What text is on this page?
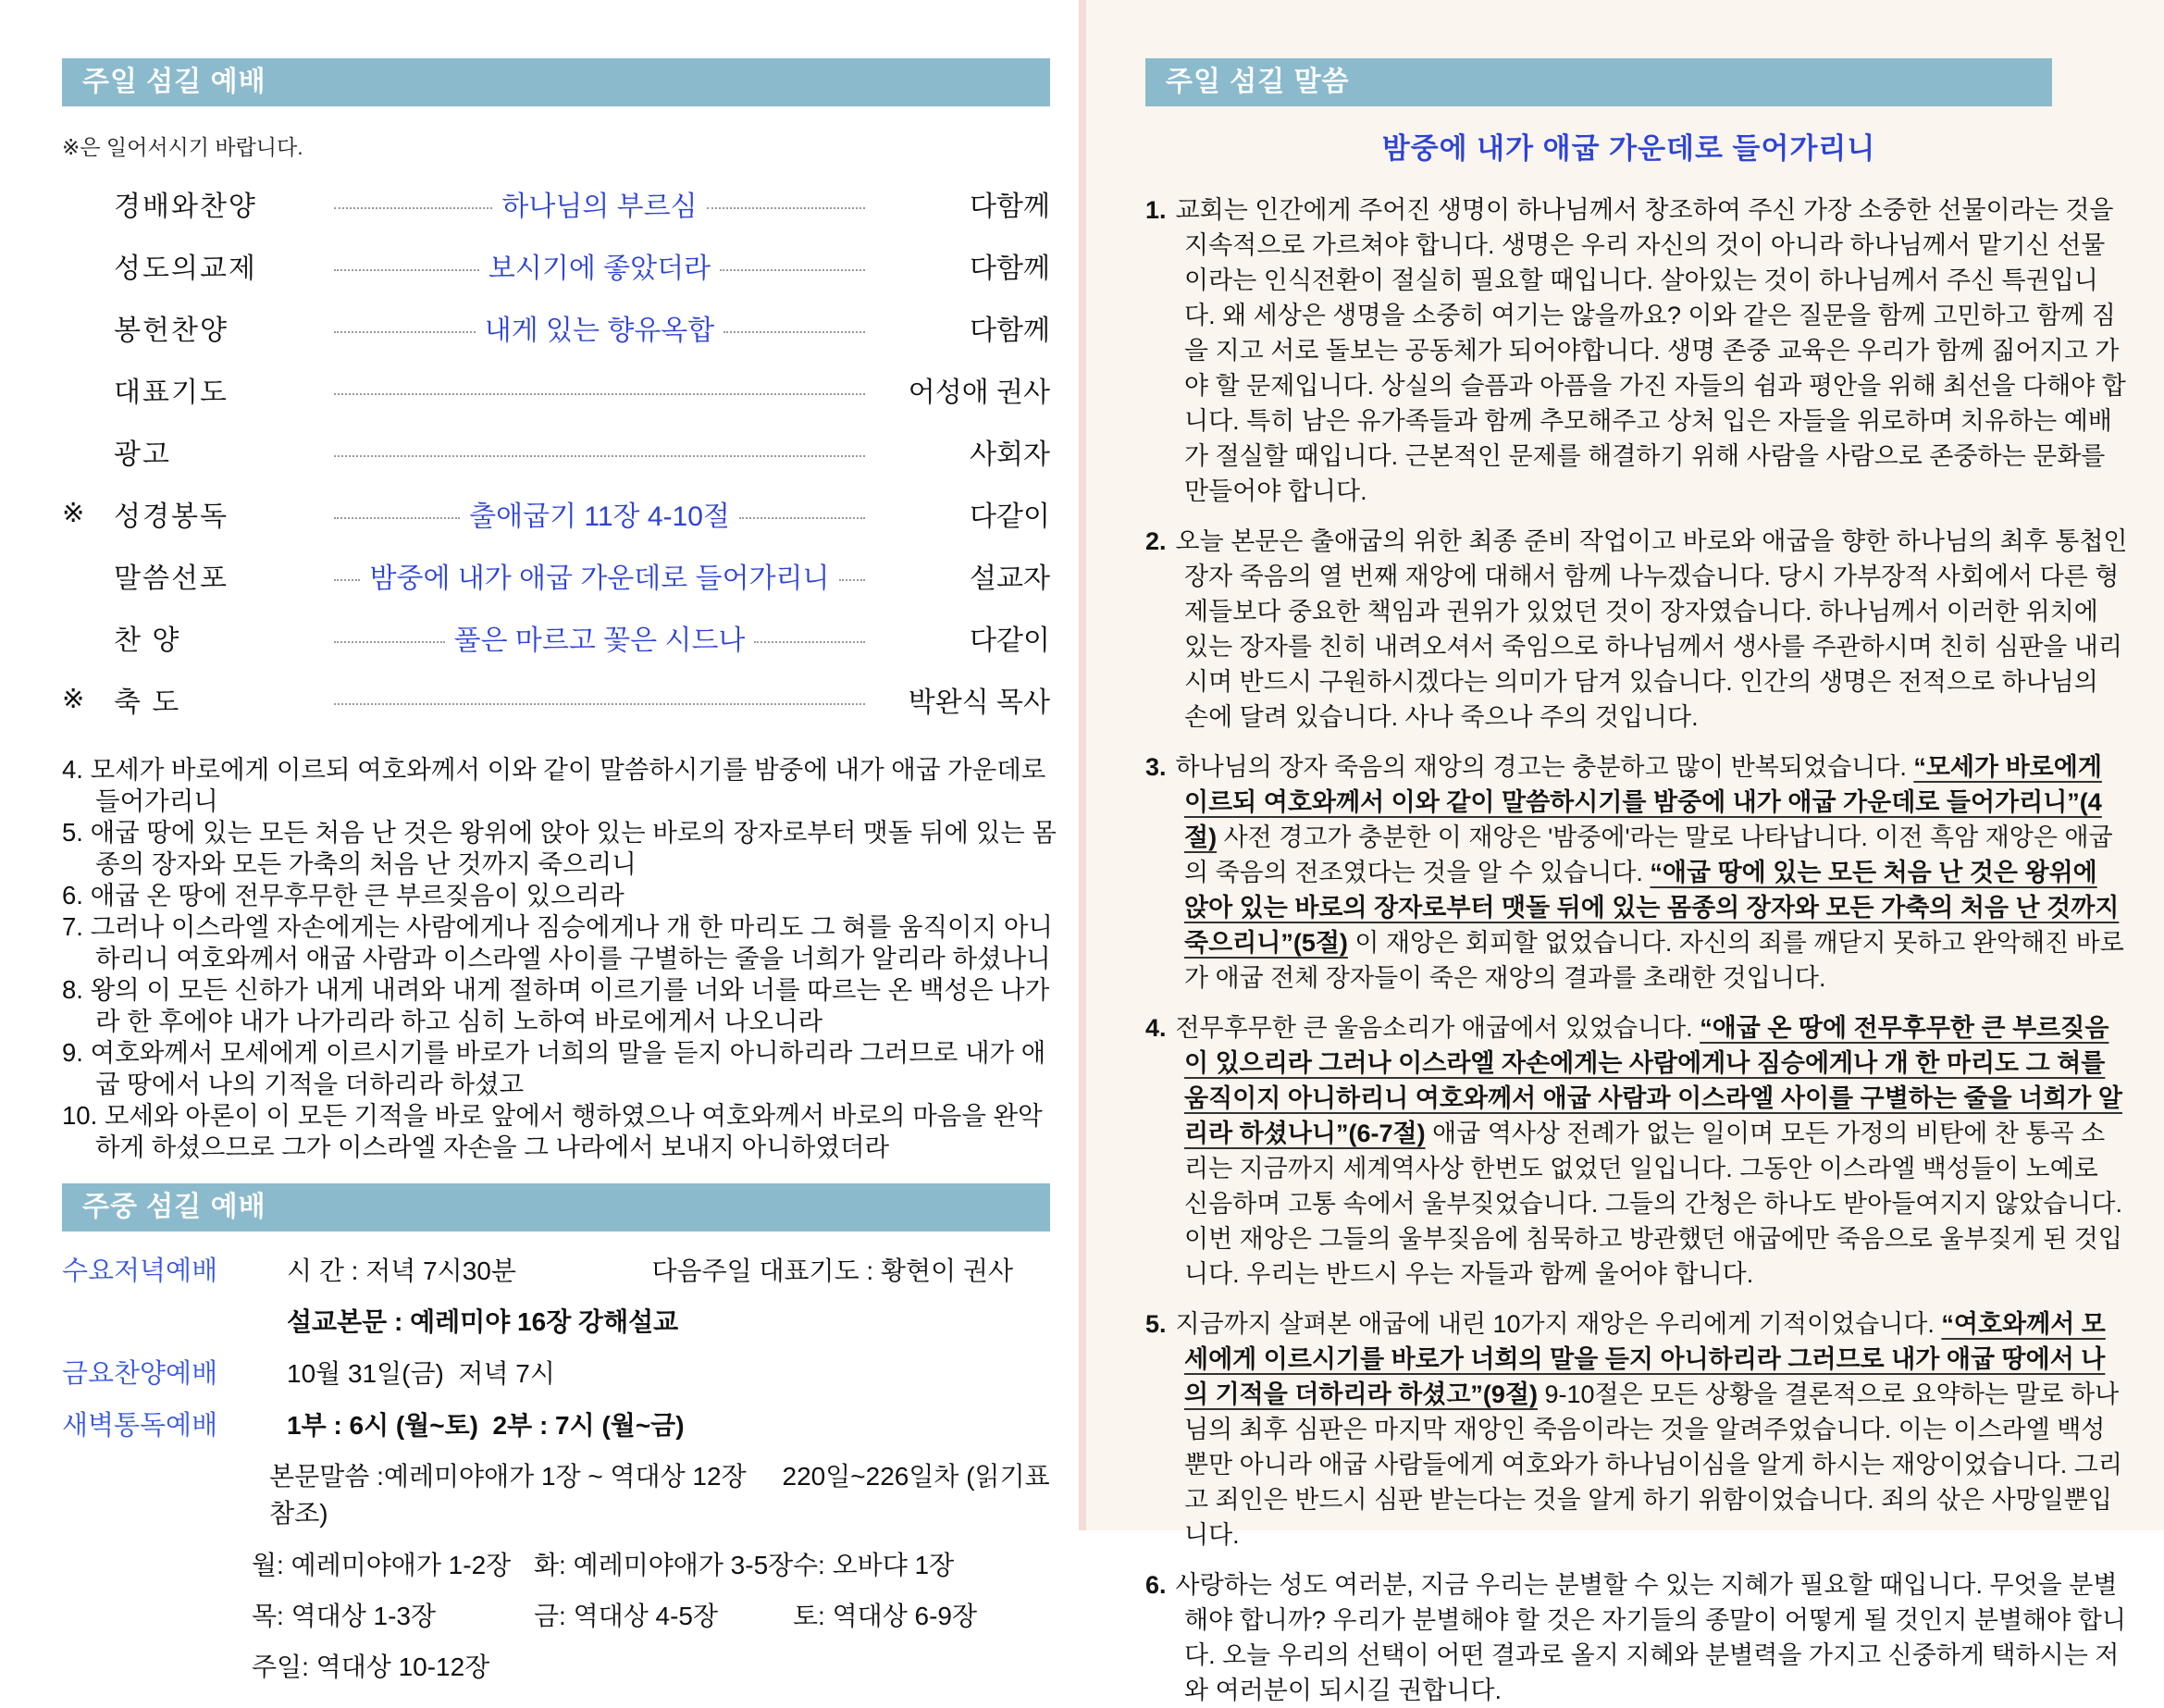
주일 섬길 예배
※은 일어서시기 바랍니다.
경배와찬양	하나님의 부르심	다함께
성도의교제	보시기에 좋았더라	다함께
봉헌찬양	내게 있는 향유옥합	다함께
대표기도	어성애 권사
광고	사회자
※	성경봉독	출애굽기 11장 4-10절	다같이
말씀선포	밤중에 내가 애굽 가운데로 들어가리니	설교자
찬 양	풀은 마르고 꽃은 시드나	다같이
※	축 도	박완식 목사
4. 모세가 바로에게 이르되 여호와께서 이와 같이 말씀하시기를 밤중에 내가 애굽 가운데로 들어가리니
5. 애굽 땅에 있는 모든 처음 난 것은 왕위에 앉아 있는 바로의 장자로부터 맷돌 뒤에 있는 몸종의 장자와 모든 가축의 처음 난 것까지 죽으리니
6. 애굽 온 땅에 전무후무한 큰 부르짖음이 있으리라
7. 그러나 이스라엘 자손에게는 사람에게나 짐승에게나 개 한 마리도 그 혀를 움직이지 아니하리니 여호와께서 애굽 사람과 이스라엘 사이를 구별하는 줄을 너희가 알리라 하셨나니
8. 왕의 이 모든 신하가 내게 내려와 내게 절하며 이르기를 너와 너를 따르는 온 백성은 나가라 한 후에야 내가 나가리라 하고 심히 노하여 바로에게서 나오니라
9. 여호와께서 모세에게 이르시기를 바로가 너희의 말을 듣지 아니하리라 그러므로 내가 애굽 땅에서 나의 기적을 더하리라 하셨고
10. 모세와 아론이 이 모든 기적을 바로 앞에서 행하였으나 여호와께서 바로의 마음을 완악하게 하셨으므로 그가 이스라엘 자손을 그 나라에서 보내지 아니하였더라
주중 섬길 예배
수요저녁예배	시 간 : 저녁 7시30분	다음주일 대표기도 : 황현이 권사
설교본문 : 예레미야 16장 강해설교
금요찬양예배	10월 31일(금)  저녁 7시
새벽통독예배	1부 : 6시 (월~토)  2부 : 7시 (월~금)
본문말씀 :예레미야애가 1장 ~ 역대상 12장     220일~226일차 (읽기표 참조)
월: 예레미야애가 1-2장 화: 예레미야애가 3-5장 수: 오바댜 1장
목: 역대상 1-3장	금: 역대상 4-5장	토: 역대상 6-9장
주일: 역대상 10-12장
주일 섬길 말씀
밤중에 내가 애굽 가운데로 들어가리니

1. 교회는 인간에게 주어진 생명이 하나님께서 창조하여 주신 가장 소중한 선물이라는 것을 지속적으로 가르쳐야 합니다. 생명은 우리 자신의 것이 아니라 하나님께서 맡기신 선물이라는 인식전환이 절실히 필요할 때입니다. 살아있는 것이 하나님께서 주신 특권입니다. 왜 세상은 생명을 소중히 여기는 않을까요? 이와 같은 질문을 함께 고민하고 함께 짐을 지고 서로 돌보는 공동체가 되어야합니다. 생명 존중 교육은 우리가 함께 짊어지고 가야 할 문제입니다. 상실의 슬픔과 아픔을 가진 자들의 쉼과 평안을 위해 최선을 다해야 합니다. 특히 남은 유가족들과 함께 추모해주고 상처 입은 자들을 위로하며 치유하는 예배가 절실할 때입니다. 근본적인 문제를 해결하기 위해 사람을 사람으로 존중하는 문화를 만들어야 합니다.

2. 오늘 본문은 출애굽의 위한 최종 준비 작업이고 바로와 애굽을 향한 하나님의 최후 통첩인 장자 죽음의 열 번째 재앙에 대해서 함께 나누겠습니다. 당시 가부장적 사회에서 다른 형제들보다 중요한 책임과 권위가 있었던 것이 장자였습니다. 하나님께서 이러한 위치에 있는 장자를 친히 내려오셔서 죽임으로 하나님께서 생사를 주관하시며 친히 심판을 내리시며 반드시 구원하시겠다는 의미가 담겨 있습니다. 인간의 생명은 전적으로 하나님의 손에 달려 있습니다. 사나 죽으나 주의 것입니다.

3. 하나님의 장자 죽음의 재앙의 경고는 충분하고 많이 반복되었습니다. “모세가 바로에게 이르되 여호와께서 이와 같이 말씀하시기를 밤중에 내가 애굽 가운데로 들어가리니”(4절) 사전 경고가 충분한 이 재앙은 '밤중에'라는 말로 나타납니다. 이전 흑암 재앙은 애굽의 죽음의 전조였다는 것을 알 수 있습니다. “애굽 땅에 있는 모든 처음 난 것은 왕위에 앉아 있는 바로의 장자로부터 맷돌 뒤에 있는 몸종의 장자와 모든 가축의 처음 난 것까지 죽으리니”(5절) 이 재앙은 회피할 없었습니다. 자신의 죄를 깨닫지 못하고 완악해진 바로가 애굽 전체 장자들이 죽은 재앙의 결과를 초래한 것입니다.

4. 전무후무한 큰 울음소리가 애굽에서 있었습니다. “애굽 온 땅에 전무후무한 큰 부르짖음이 있으리라 그러나 이스라엘 자손에게는 사람에게나 짐승에게나 개 한 마리도 그 혀를 움직이지 아니하리니 여호와께서 애굽 사람과 이스라엘 사이를 구별하는 줄을 너희가 알리라 하셨나니”(6-7절) 애굽 역사상 전례가 없는 일이며 모든 가정의 비탄에 찬 통곡 소리는 지금까지 세계역사상 한번도 없었던 일입니다. 그동안 이스라엘 백성들이 노예로 신음하며 고통 속에서 울부짖었습니다. 그들의 간청은 하나도 받아들여지지 않았습니다. 이번 재앙은 그들의 울부짖음에 침묵하고 방관했던 애굽에만 죽음으로 울부짖게 된 것입니다. 우리는 반드시 우는 자들과 함께 울어야 합니다.

5. 지금까지 살펴본 애굽에 내린 10가지 재앙은 우리에게 기적이었습니다. “여호와께서 모세에게 이르시기를 바로가 너희의 말을 듣지 아니하리라 그러므로 내가 애굽 땅에서 나의 기적을 더하리라 하셨고”(9절) 9-10절은 모든 상황을 결론적으로 요약하는 말로 하나님의 최후 심판은 마지막 재앙인 죽음이라는 것을 알려주었습니다. 이는 이스라엘 백성 뿐만 아니라 애굽 사람들에게 여호와가 하나님이심을 알게 하시는 재앙이었습니다. 그리고 죄인은 반드시 심판 받는다는 것을 알게 하기 위함이었습니다. 죄의 삯은 사망일뿐입니다.

6. 사랑하는 성도 여러분, 지금 우리는 분별할 수 있는 지혜가 필요할 때입니다. 무엇을 분별해야 합니까? 우리가 분별해야 할 것은 자기들의 종말이 어떻게 될 것인지 분별해야 합니다. 오늘 우리의 선택이 어떤 결과로 올지 지혜와 분별력을 가지고 신중하게 택하시는 저와 여러분이 되시길 권합니다.
